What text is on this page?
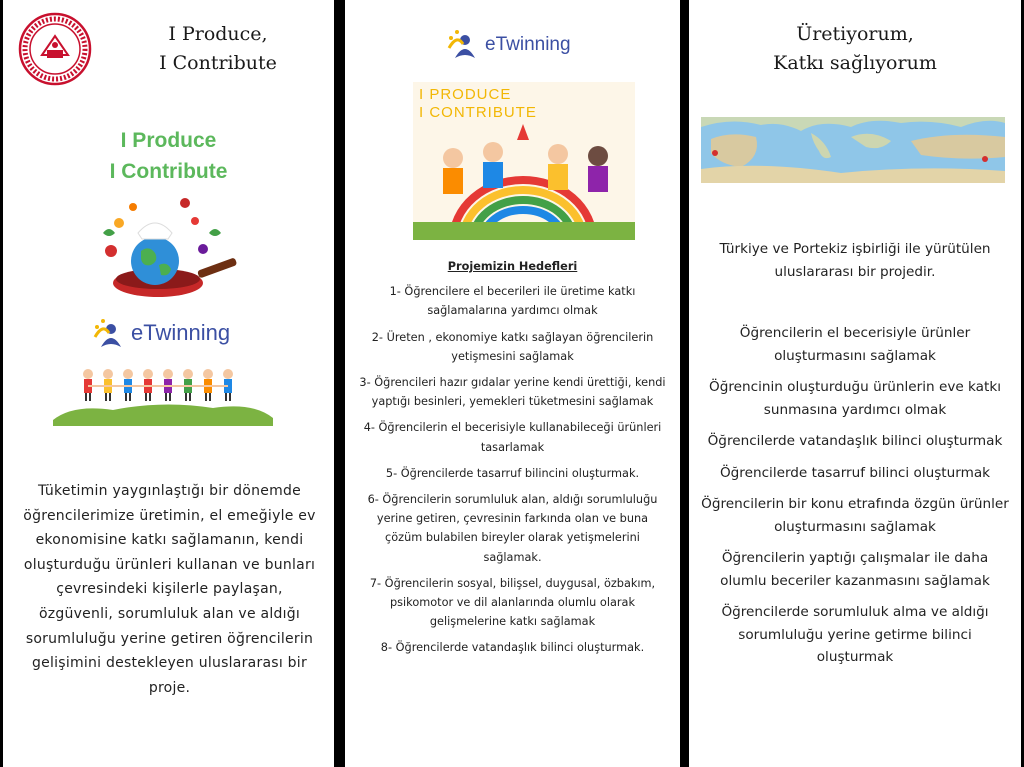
I Produce,
I Contribute
I Produce
I Contribute
eTwinning
Tüketimin yaygınlaştığı bir dönemde öğrencilerimize üretimin, el emeğiyle ev ekonomisine katkı sağlamanın, kendi oluşturduğu ürünleri kullanan ve bunları çevresindeki kişilerle paylaşan, özgüvenli, sorumluluk alan ve aldığı sorumluluğu yerine getiren öğrencilerin gelişimini destekleyen uluslararası bir proje.
eTwinning
I PRODUCE
I CONTRIBUTE
Projemizin Hedefleri
1- Öğrencilere el becerileri ile üretime katkı sağlamalarına yardımcı olmak
2- Üreten , ekonomiye katkı sağlayan öğrencilerin yetişmesini sağlamak
3- Öğrencileri hazır gıdalar yerine kendi ürettiği, kendi yaptığı besinleri, yemekleri tüketmesini sağlamak
4- Öğrencilerin el becerisiyle kullanabileceği ürünleri tasarlamak
5- Öğrencilerde tasarruf bilincini oluşturmak.
6- Öğrencilerin sorumluluk alan, aldığı sorumluluğu yerine getiren, çevresinin farkında olan ve buna çözüm bulabilen bireyler olarak yetişmelerini sağlamak.
7- Öğrencilerin sosyal, bilişsel, duygusal, özbakım, psikomotor ve dil alanlarında olumlu olarak gelişmelerine katkı sağlamak
8- Öğrencilerde vatandaşlık bilinci oluşturmak.
Üretiyorum,
Katkı sağlıyorum
Türkiye ve Portekiz işbirliği ile yürütülen uluslararası bir projedir.
Öğrencilerin el becerisiyle ürünler oluşturmasını sağlamak
Öğrencinin oluşturduğu ürünlerin eve katkı sunmasına yardımcı olmak
Öğrencilerde vatandaşlık bilinci oluşturmak
Öğrencilerde tasarruf bilinci oluşturmak
Öğrencilerin bir konu etrafında özgün ürünler oluşturmasını sağlamak
Öğrencilerin yaptığı çalışmalar ile daha olumlu beceriler kazanmasını sağlamak
Öğrencilerde sorumluluk alma ve aldığı sorumluluğu yerine getirme bilinci oluşturmak
